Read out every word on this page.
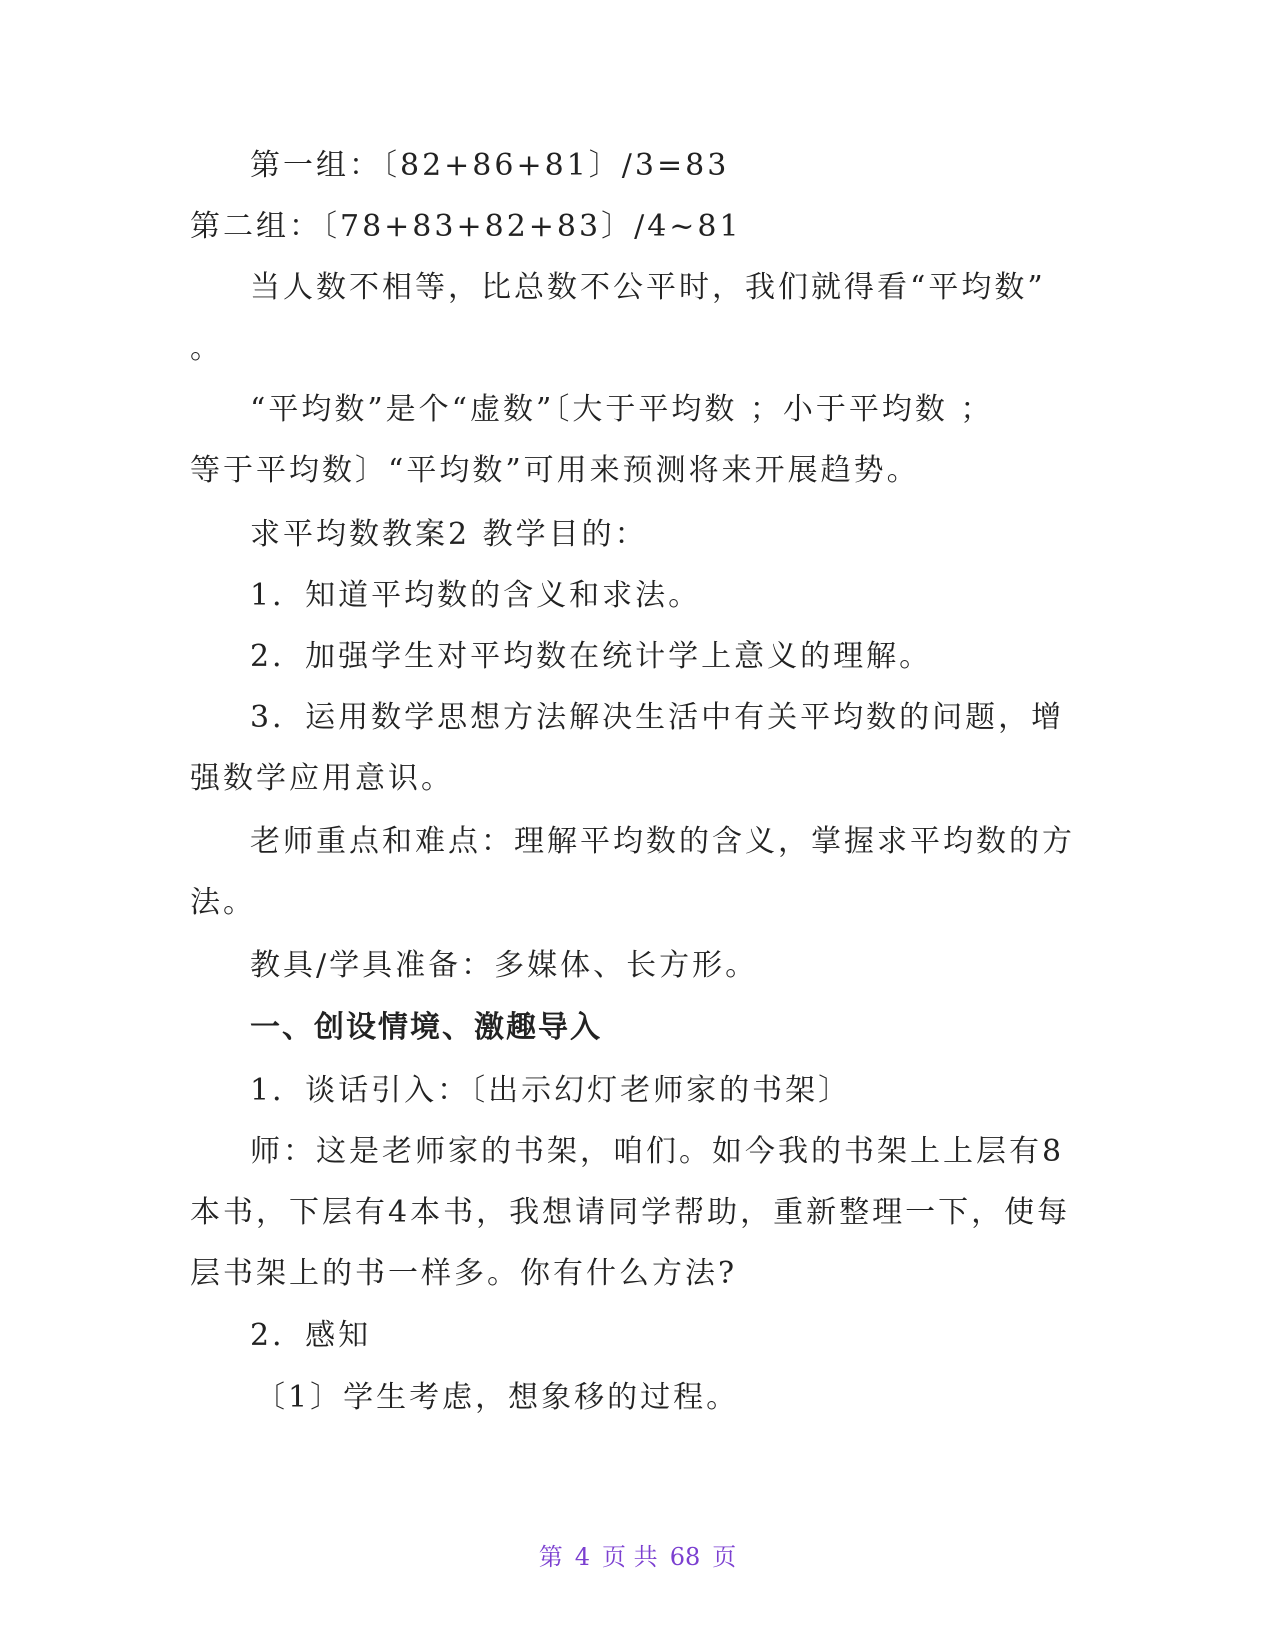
第一组：〔82+86+81〕/3=83
第二组：〔78+83+82+83〕/4~81
当人数不相等，比总数不公平时，我们就得看“平均数”
。
“平均数”是个“虚数”〔大于平均数 ；小于平均数 ；
等于平均数〕“平均数”可用来预测将来开展趋势。
求平均数教案2 教学目的：
1．知道平均数的含义和求法。
2．加强学生对平均数在统计学上意义的理解。
3．运用数学思想方法解决生活中有关平均数的问题，增
强数学应用意识。
老师重点和难点：理解平均数的含义，掌握求平均数的方
法。
教具/学具准备：多媒体、长方形。
一、创设情境、激趣导入
1．谈话引入：〔出示幻灯老师家的书架〕
师：这是老师家的书架，咱们。如今我的书架上上层有8
本书，下层有4本书，我想请同学帮助，重新整理一下，使每
层书架上的书一样多。你有什么方法?
2．感知
〔1〕学生考虑，想象移的过程。
第 4 页 共 68 页
